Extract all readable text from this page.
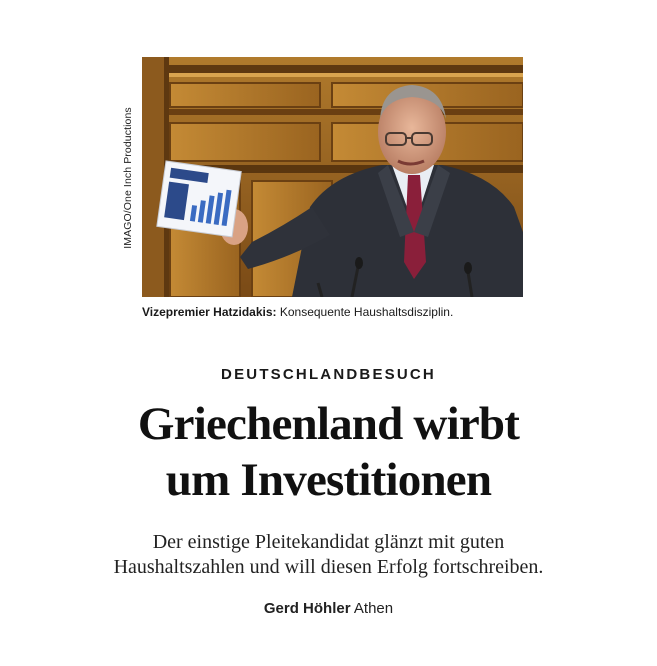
IMAGO/One Inch Productions
Vizepremier Hatzidakis: Konsequente Haushaltsdisziplin.
DEUTSCHLANDBESUCH
Griechenland wirbt
um Investitionen
Der einstige Pleitekandidat glänzt mit guten
Haushaltszahlen und will diesen Erfolg fortschreiben.
Gerd Höhler Athen
